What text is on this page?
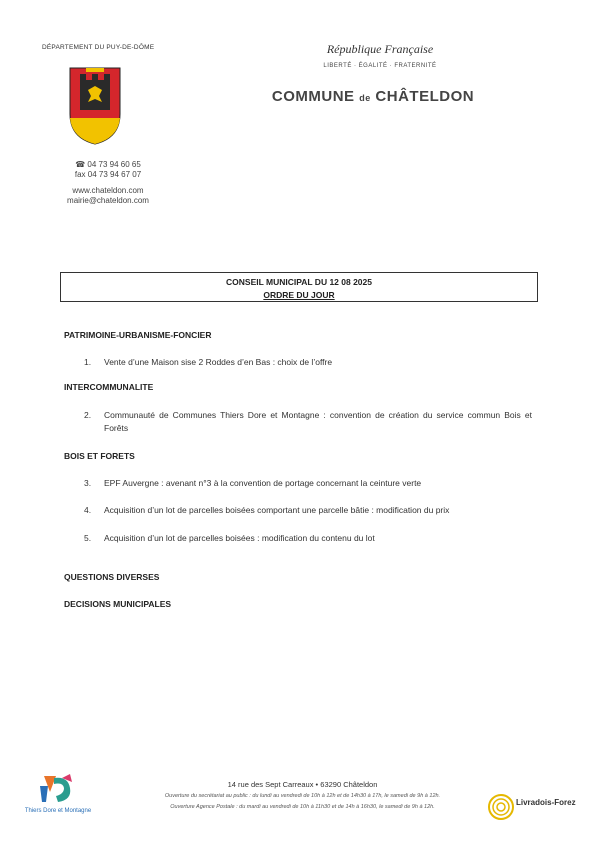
DÉPARTEMENT DU PUY-DE-DÔME
☎ 04 73 94 60 65
fax 04 73 94 67 07
www.chateldon.com
mairie@chateldon.com
République Française
LIBERTÉ · ÉGALITÉ · FRATERNITÉ
COMMUNE de CHÂTELDON
CONSEIL MUNICIPAL DU 12 08 2025
ORDRE DU JOUR
PATRIMOINE-URBANISME-FONCIER
1. Vente d’une Maison sise 2 Roddes d’en Bas : choix de l’offre
INTERCOMMUNALITE
2. Communauté de Communes Thiers Dore et Montagne : convention de création du service commun Bois et Forêts
BOIS ET FORETS
3. EPF Auvergne : avenant n°3 à la convention de portage concernant la ceinture verte
4. Acquisition d’un lot de parcelles boisées comportant une parcelle bâtie : modification du prix
5. Acquisition d’un lot de parcelles boisées : modification du contenu du lot
QUESTIONS DIVERSES
DECISIONS MUNICIPALES
Thiers Dore et Montagne
14 rue des Sept Carreaux • 63290 Châteldon
Ouverture du secrétariat au public : du lundi au vendredi de 10h à 12h et de 14h30 à 17h, le samedi de 9h à 12h.
Ouverture Agence Postale : du mardi au vendredi de 10h à 11h30 et de 14h à 16h30, le samedi de 9h à 12h.	Livradois-Forez
